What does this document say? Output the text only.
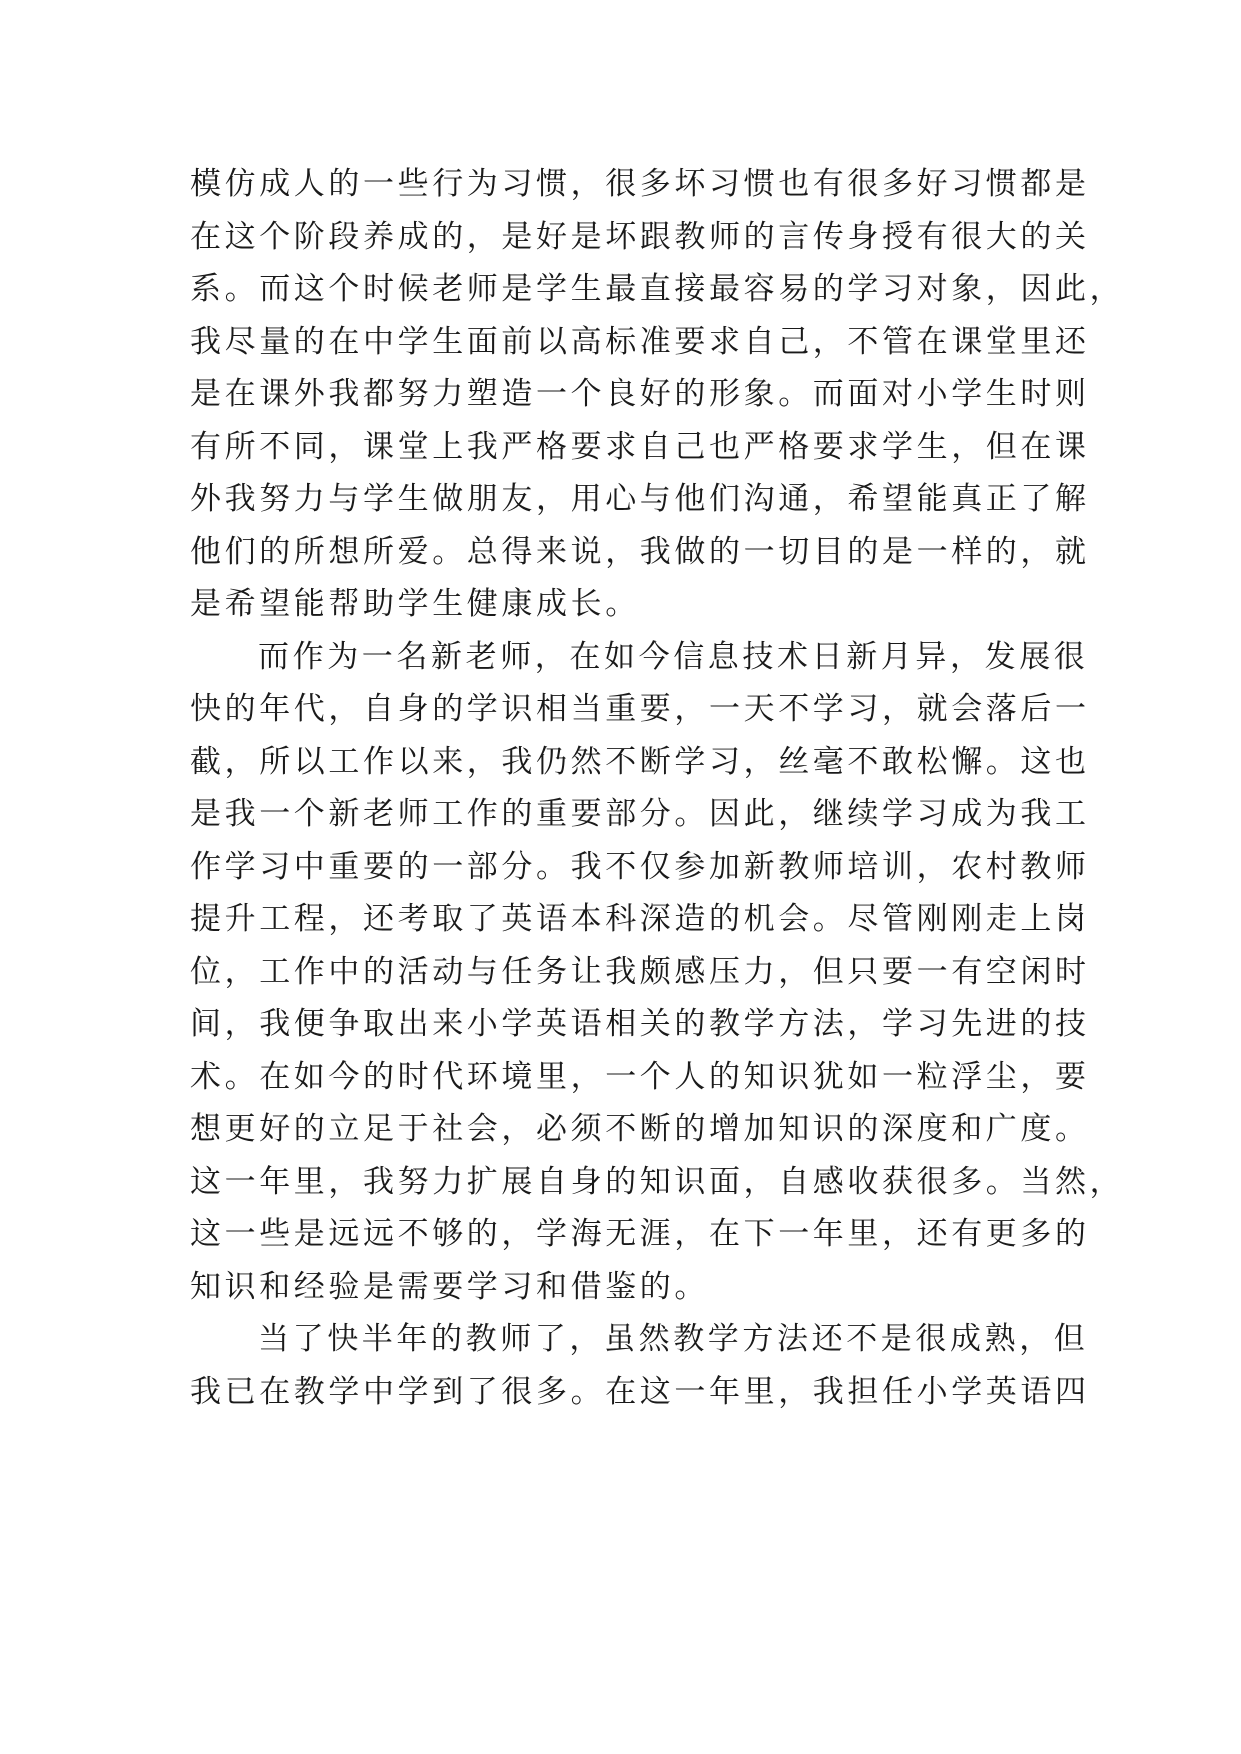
模仿成人的一些行为习惯，很多坏习惯也有很多好习惯都是
在这个阶段养成的，是好是坏跟教师的言传身授有很大的关
系。而这个时候老师是学生最直接最容易的学习对象，因此，
我尽量的在中学生面前以高标准要求自己，不管在课堂里还
是在课外我都努力塑造一个良好的形象。而面对小学生时则
有所不同，课堂上我严格要求自己也严格要求学生，但在课
外我努力与学生做朋友，用心与他们沟通，希望能真正了解
他们的所想所爱。总得来说，我做的一切目的是一样的，就
是希望能帮助学生健康成长。
而作为一名新老师，在如今信息技术日新月异，发展很
快的年代，自身的学识相当重要，一天不学习，就会落后一
截，所以工作以来，我仍然不断学习，丝毫不敢松懈。这也
是我一个新老师工作的重要部分。因此，继续学习成为我工
作学习中重要的一部分。我不仅参加新教师培训，农村教师
提升工程，还考取了英语本科深造的机会。尽管刚刚走上岗
位，工作中的活动与任务让我颇感压力，但只要一有空闲时
间，我便争取出来小学英语相关的教学方法，学习先进的技
术。在如今的时代环境里，一个人的知识犹如一粒浮尘，要
想更好的立足于社会，必须不断的增加知识的深度和广度。
这一年里，我努力扩展自身的知识面，自感收获很多。当然，
这一些是远远不够的，学海无涯，在下一年里，还有更多的
知识和经验是需要学习和借鉴的。
当了快半年的教师了，虽然教学方法还不是很成熟，但
我已在教学中学到了很多。在这一年里，我担任小学英语四
